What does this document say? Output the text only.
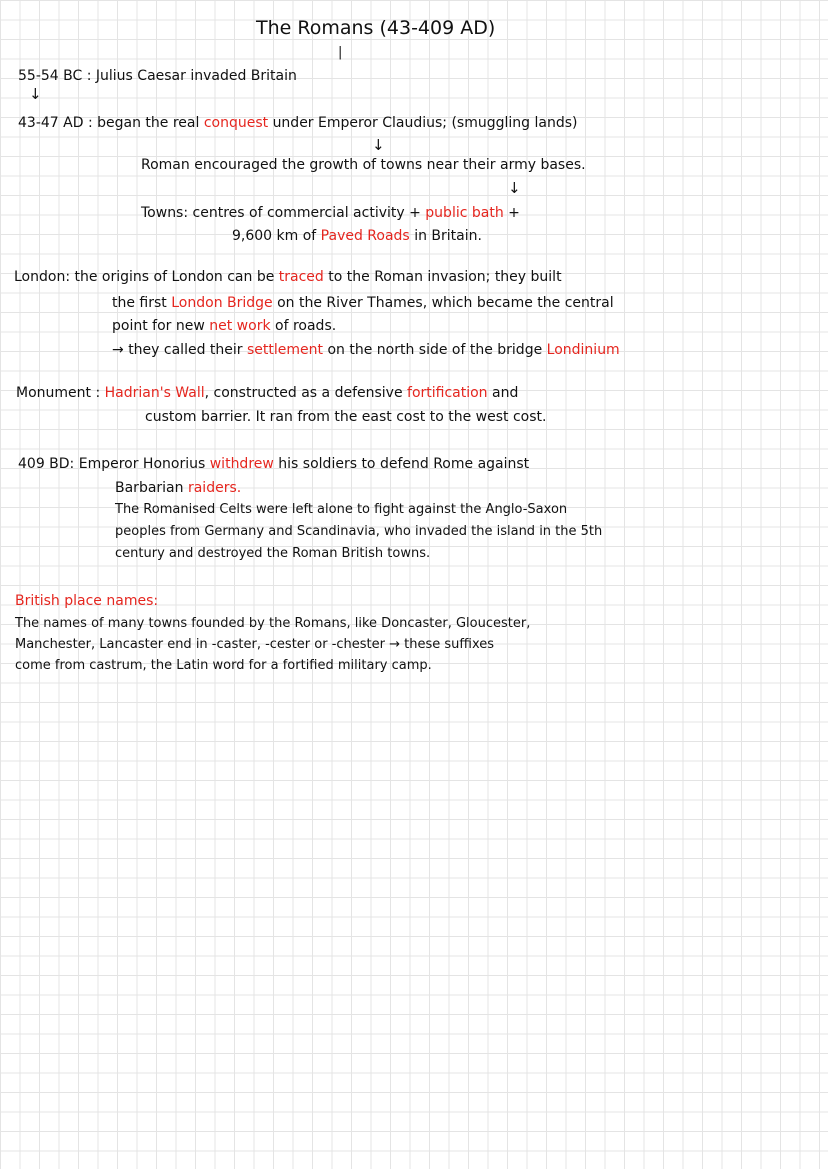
The Romans (43-409 AD)
|
55-54 BC : Julius Caesar invaded Britain
↓
43-47 AD : began the real conquest under Emperor Claudius; (smuggling lands)
↓
Roman encouraged the growth of towns near their army bases.
↓
Towns: centres of commercial activity + public bath +
9,600 km of Paved Roads in Britain.
London: the origins of London can be traced to the Roman invasion; they built
the first London Bridge on the River Thames, which became the central
point for new net work of roads.
→ they called their settlement on the north side of the bridge Londinium
Monument : Hadrian's Wall, constructed as a defensive fortification and
custom barrier. It ran from the east cost to the west cost.
409 BD: Emperor Honorius withdrew his soldiers to defend Rome against
Barbarian raiders.
The Romanised Celts were left alone to fight against the Anglo-Saxon
peoples from Germany and Scandinavia, who invaded the island in the 5th
century and destroyed the Roman British towns.
British place names:
The names of many towns founded by the Romans, like Doncaster, Gloucester,
Manchester, Lancaster end in -caster, -cester or -chester → these suffixes
come from castrum, the Latin word for a fortified military camp.
